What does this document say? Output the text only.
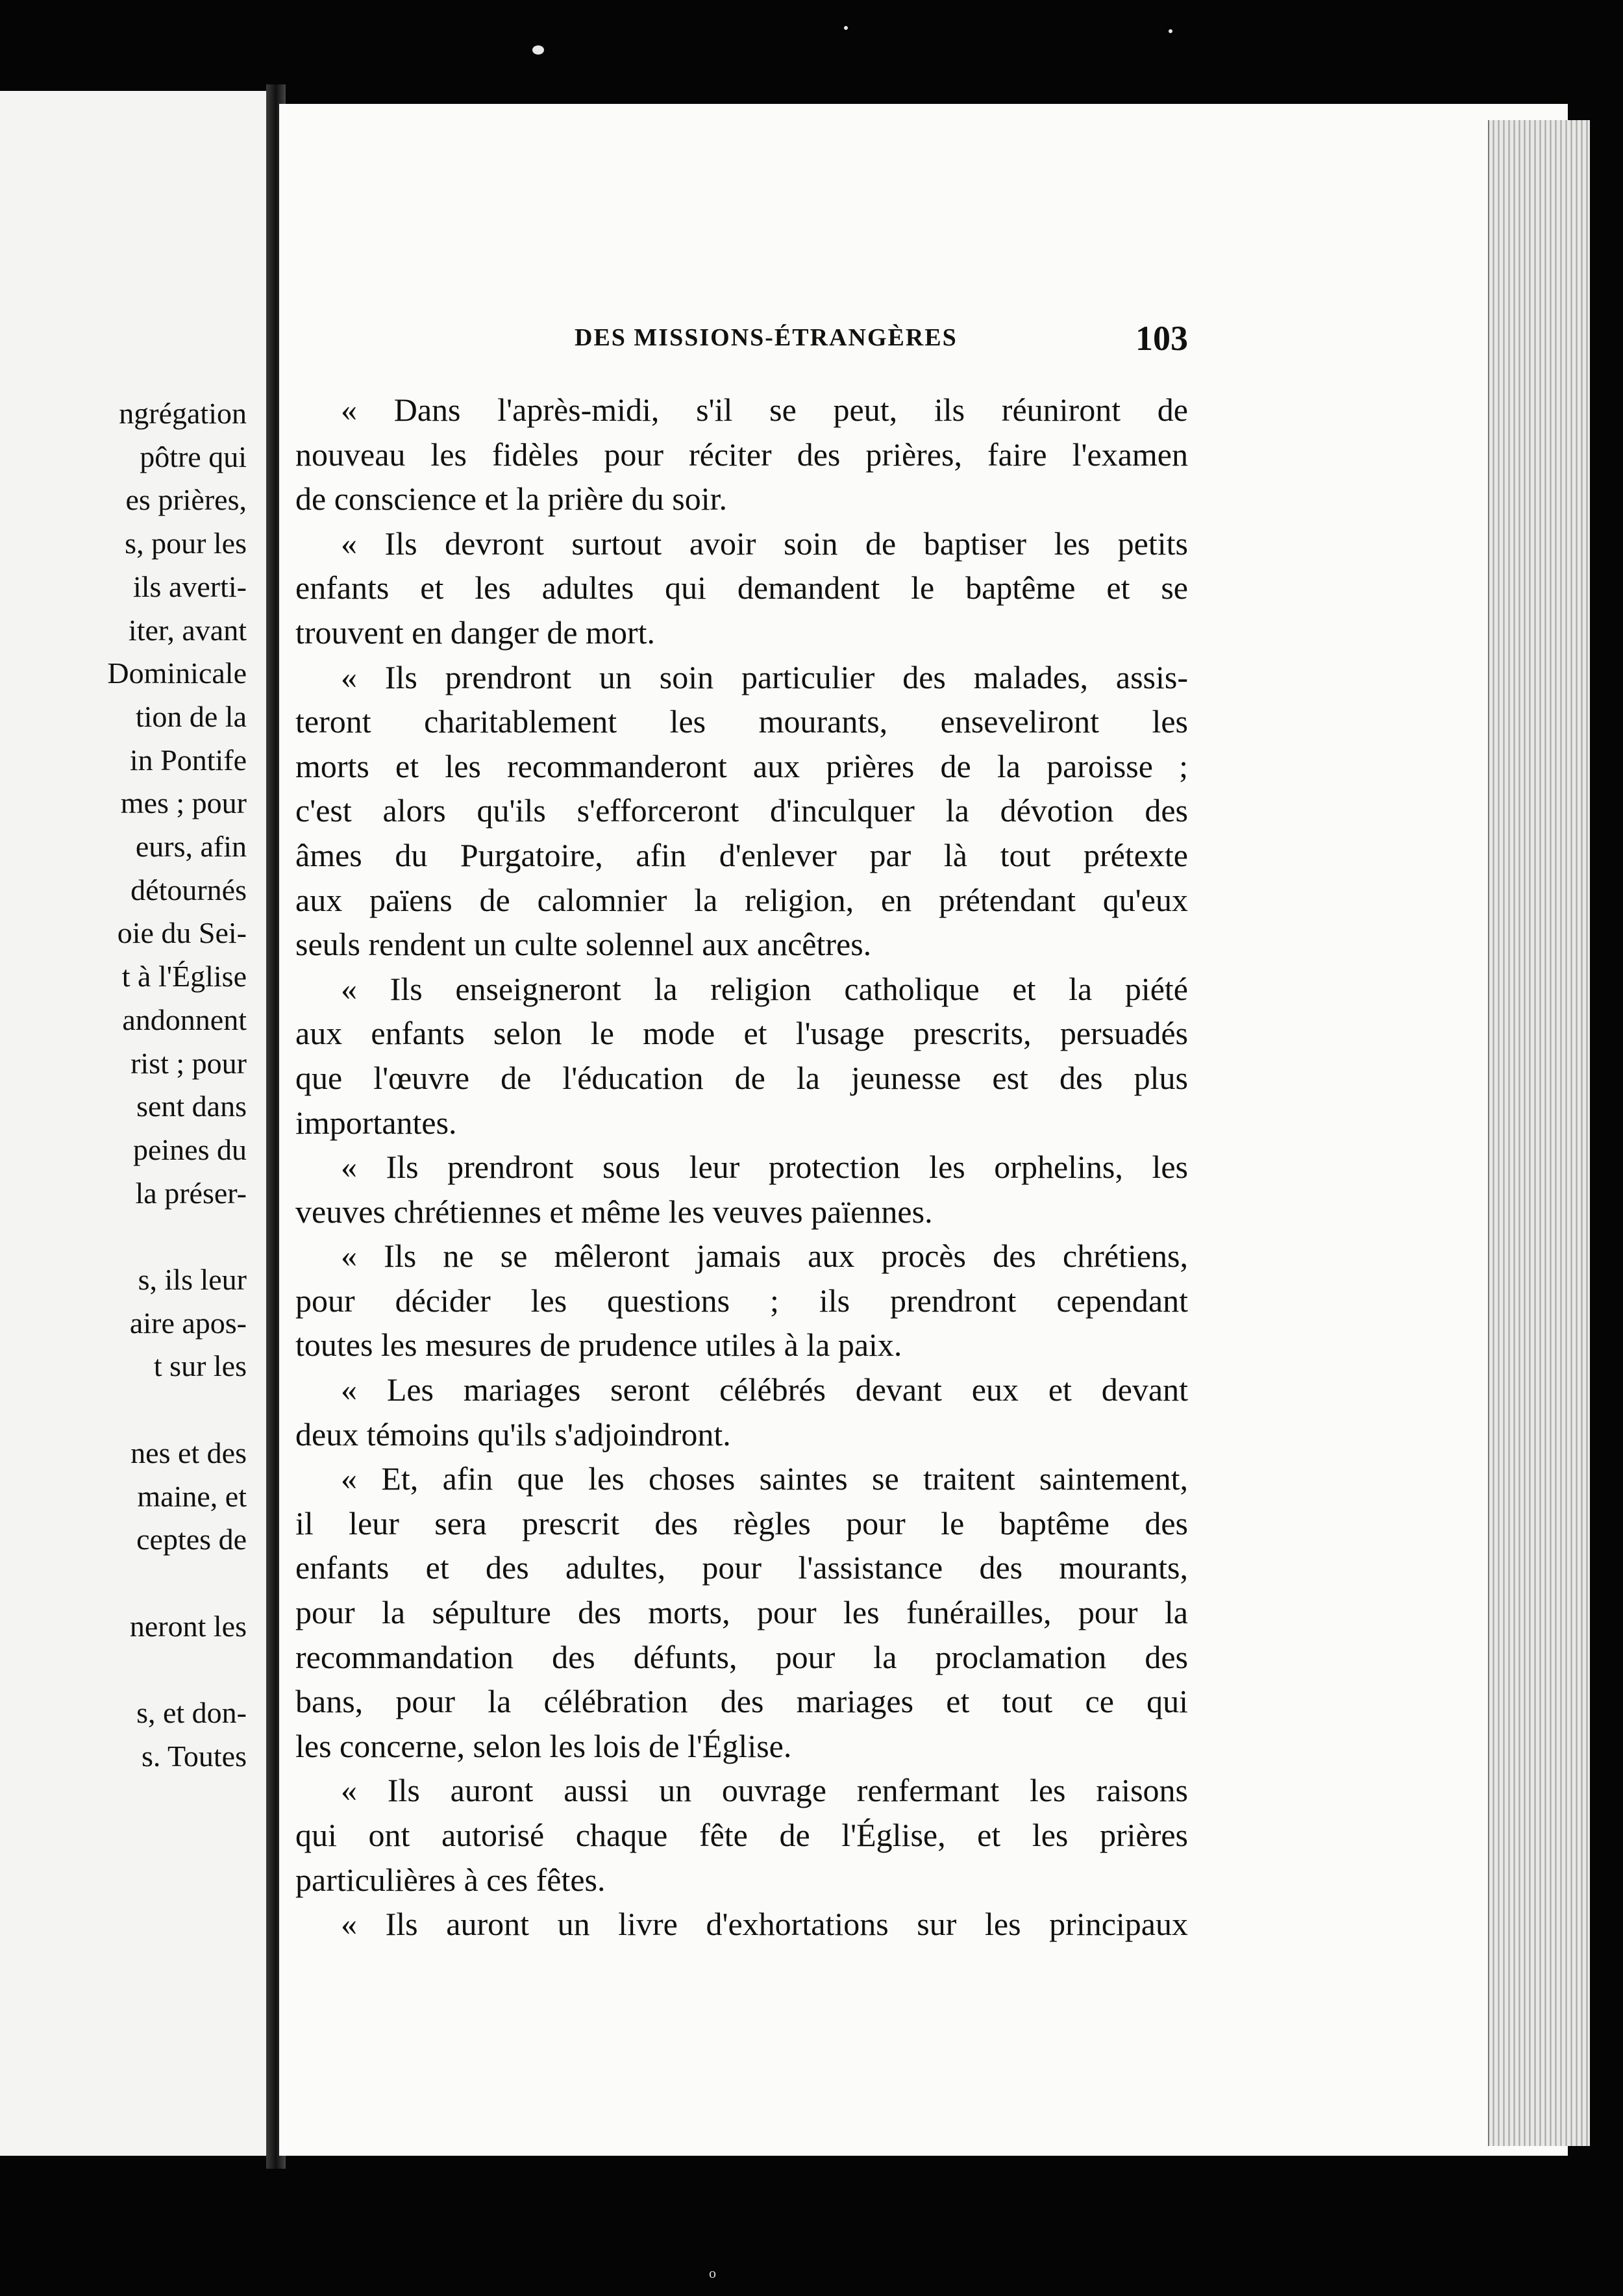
ngrégation
pôtre qui
es prières,
s, pour les
ils averti-
iter, avant
Dominicale
tion de la
in Pontife
mes ; pour
eurs, afin
détournés
oie du Sei-
t à l'Église
andonnent
rist ; pour
sent dans
peines du
la préser-
s, ils leur
aire apos-
t sur les
nes et des
maine, et
ceptes de
neront les
s, et don-
s. Toutes
DES MISSIONS-ÉTRANGÈRES	103
« Dans l'après-midi, s'il se peut, ils réuniront de
nouveau les fidèles pour réciter des prières, faire l'examen
de conscience et la prière du soir.
« Ils devront surtout avoir soin de baptiser les petits
enfants et les adultes qui demandent le baptême et se
trouvent en danger de mort.
« Ils prendront un soin particulier des malades, assis-
teront charitablement les mourants, enseveliront les
morts et les recommanderont aux prières de la paroisse ;
c'est alors qu'ils s'efforceront d'inculquer la dévotion des
âmes du Purgatoire, afin d'enlever par là tout prétexte
aux païens de calomnier la religion, en prétendant qu'eux
seuls rendent un culte solennel aux ancêtres.
« Ils enseigneront la religion catholique et la piété
aux enfants selon le mode et l'usage prescrits, persuadés
que l'œuvre de l'éducation de la jeunesse est des plus
importantes.
« Ils prendront sous leur protection les orphelins, les
veuves chrétiennes et même les veuves païennes.
« Ils ne se mêleront jamais aux procès des chrétiens,
pour décider les questions ; ils prendront cependant
toutes les mesures de prudence utiles à la paix.
« Les mariages seront célébrés devant eux et devant
deux témoins qu'ils s'adjoindront.
« Et, afin que les choses saintes se traitent saintement,
il leur sera prescrit des règles pour le baptême des
enfants et des adultes, pour l'assistance des mourants,
pour la sépulture des morts, pour les funérailles, pour la
recommandation des défunts, pour la proclamation des
bans, pour la célébration des mariages et tout ce qui
les concerne, selon les lois de l'Église.
« Ils auront aussi un ouvrage renfermant les raisons
qui ont autorisé chaque fête de l'Église, et les prières
particulières à ces fêtes.
« Ils auront un livre d'exhortations sur les principaux
o
